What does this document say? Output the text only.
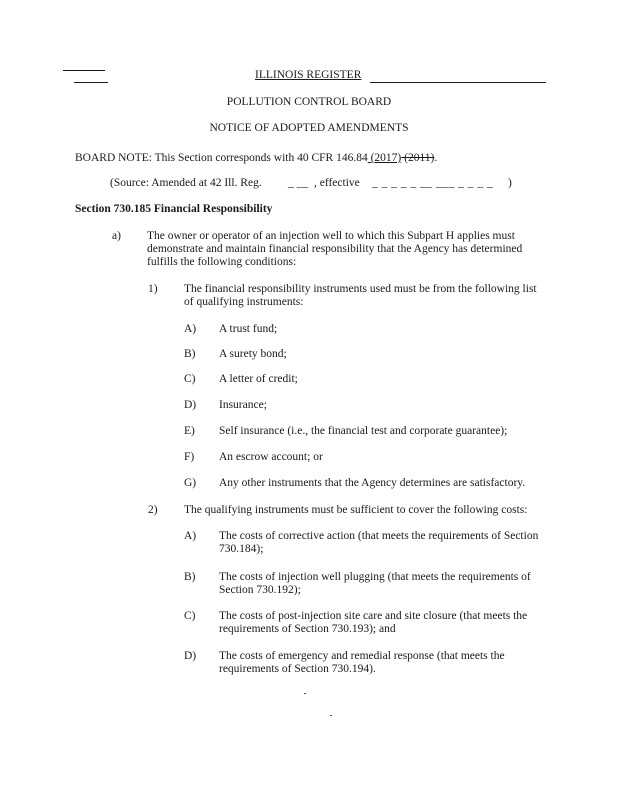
ILLINOIS REGISTER
POLLUTION CONTROL BOARD
NOTICE OF ADOPTED AMENDMENTS
BOARD NOTE: This Section corresponds with 40 CFR 146.84 (2017) (2011).
(Source: Amended at 42 Ill. Reg. _ __ , effective _ _ _ _ _ __ ___ _ _ _ _ )
Section 730.185 Financial Responsibility
a) The owner or operator of an injection well to which this Subpart H applies must demonstrate and maintain financial responsibility that the Agency has determined fulfills the following conditions:
1) The financial responsibility instruments used must be from the following list of qualifying instruments:
A) A trust fund;
B) A surety bond;
C) A letter of credit;
D) Insurance;
E) Self insurance (i.e., the financial test and corporate guarantee);
F) An escrow account; or
G) Any other instruments that the Agency determines are satisfactory.
2) The qualifying instruments must be sufficient to cover the following costs:
A) The costs of corrective action (that meets the requirements of Section 730.184);
B) The costs of injection well plugging (that meets the requirements of Section 730.192);
C) The costs of post-injection site care and site closure (that meets the requirements of Section 730.193); and
D) The costs of emergency and remedial response (that meets the requirements of Section 730.194).
